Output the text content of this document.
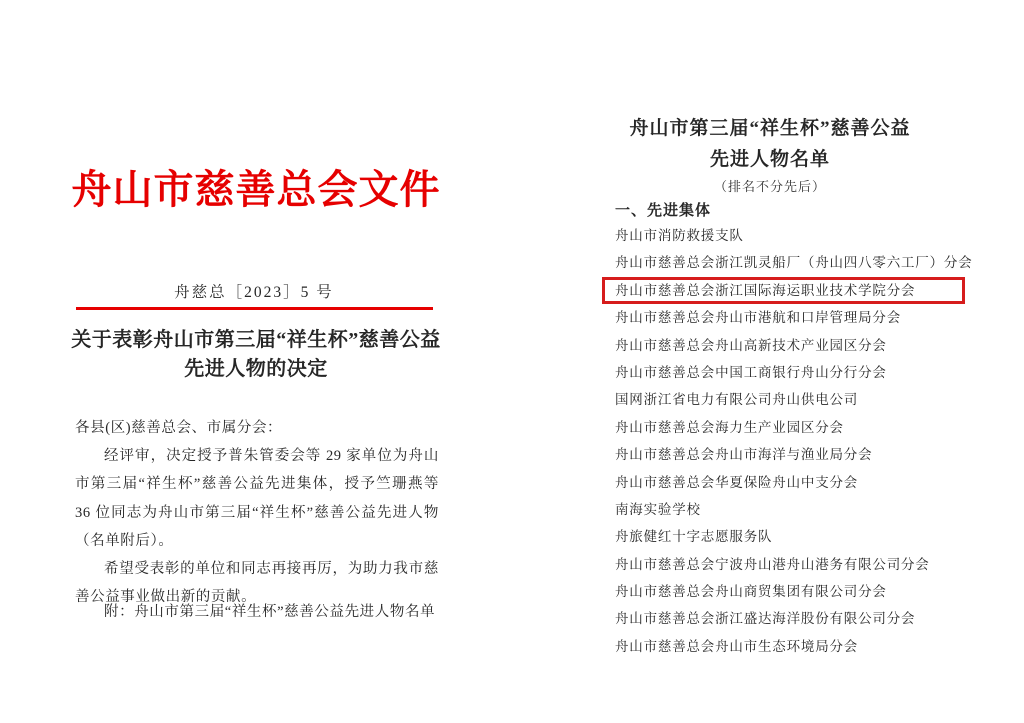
舟山市慈善总会文件
舟慈总［2023］5 号
关于表彰舟山市第三届“祥生杯”慈善公益
先进人物的决定

各县(区)慈善总会、市属分会：

经评审，决定授予普朱管委会等 29 家单位为舟山市第三届“祥生杯”慈善公益先进集体，授予竺珊燕等 36 位同志为舟山市第三届“祥生杯”慈善公益先进人物（名单附后）。

希望受表彰的单位和同志再接再厉，为助力我市慈善公益事业做出新的贡献。

附：舟山市第三届“祥生杯”慈善公益先进人物名单
舟山市第三届“祥生杯”慈善公益
先进人物名单
（排名不分先后）
一、先进集体
舟山市消防救援支队
舟山市慈善总会浙江凯灵船厂（舟山四八零六工厂）分会
舟山市慈善总会浙江国际海运职业技术学院分会
舟山市慈善总会舟山市港航和口岸管理局分会
舟山市慈善总会舟山高新技术产业园区分会
舟山市慈善总会中国工商银行舟山分行分会
国网浙江省电力有限公司舟山供电公司
舟山市慈善总会海力生产业园区分会
舟山市慈善总会舟山市海洋与渔业局分会
舟山市慈善总会华夏保险舟山中支分会
南海实验学校
舟旅健红十字志愿服务队
舟山市慈善总会宁波舟山港舟山港务有限公司分会
舟山市慈善总会舟山商贸集团有限公司分会
舟山市慈善总会浙江盛达海洋股份有限公司分会
舟山市慈善总会舟山市生态环境局分会
